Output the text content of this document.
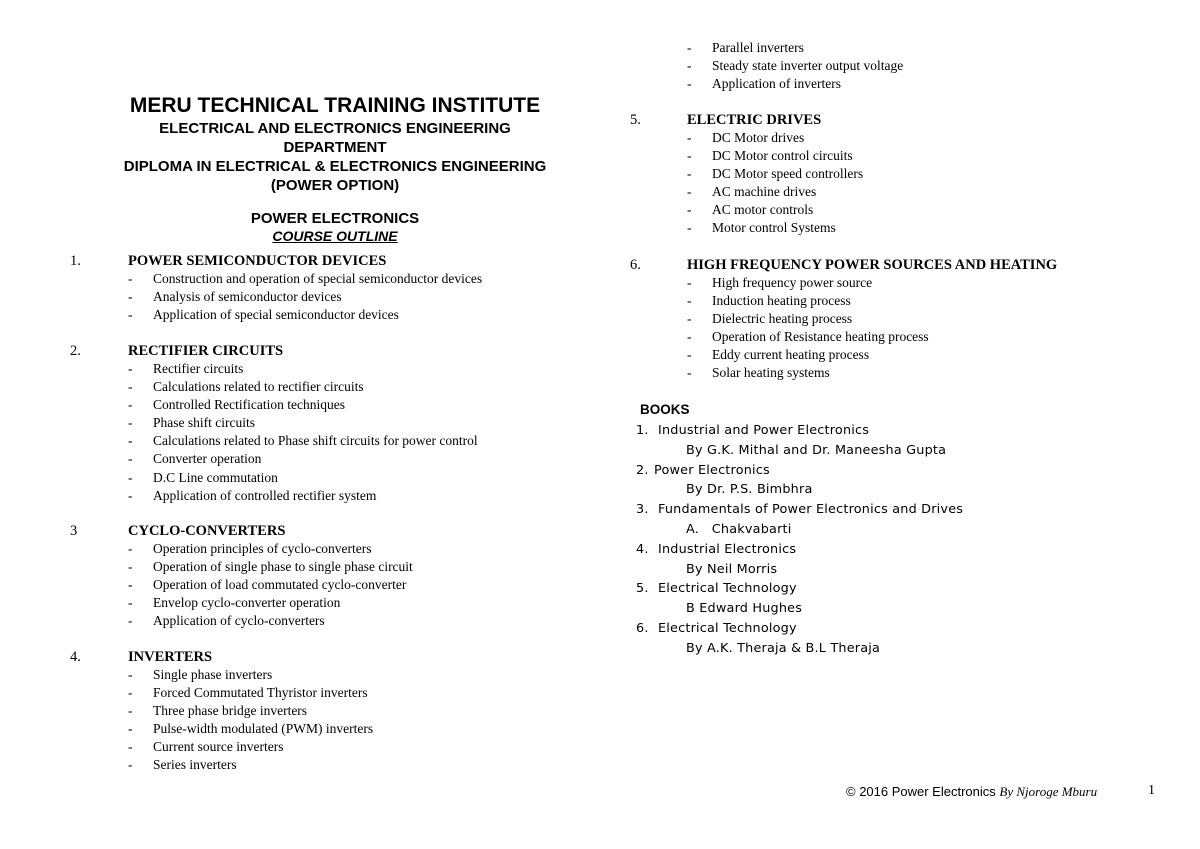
MERU TECHNICAL TRAINING INSTITUTE
ELECTRICAL AND ELECTRONICS ENGINEERING
DEPARTMENT
DIPLOMA IN ELECTRICAL & ELECTRONICS ENGINEERING
(POWER OPTION)
POWER ELECTRONICS
COURSE OUTLINE
1.	POWER SEMICONDUCTOR DEVICES
-	Construction and operation of special semiconductor devices
-	Analysis of semiconductor devices
-	Application of special semiconductor devices
2.	RECTIFIER CIRCUITS
-	Rectifier circuits
-	Calculations related to rectifier circuits
-	Controlled Rectification techniques
-	Phase shift circuits
-	Calculations related to Phase shift circuits for power control
-	Converter operation
-	D.C Line commutation
-	Application of controlled rectifier system
3	CYCLO-CONVERTERS
-	Operation principles of cyclo-converters
-	Operation of single phase to single phase circuit
-	Operation of load commutated cyclo-converter
-	Envelop cyclo-converter operation
-	Application of cyclo-converters
4.	INVERTERS
-	Single phase inverters
-	Forced Commutated Thyristor inverters
-	Three phase bridge inverters
-	Pulse-width modulated (PWM) inverters
-	Current source inverters
-	Series inverters
-	Parallel inverters
-	Steady state inverter output voltage
-	Application of inverters
5.	ELECTRIC DRIVES
-	DC Motor drives
-	DC Motor control circuits
-	DC Motor speed controllers
-	AC machine drives
-	AC motor controls
-	Motor control Systems
6.	HIGH FREQUENCY POWER SOURCES AND HEATING
-	High frequency power source
-	Induction heating process
-	Dielectric heating process
-	Operation of Resistance heating process
-	Eddy current heating process
-	Solar heating systems
BOOKS
1. Industrial and Power Electronics
By G.K. Mithal and Dr. Maneesha Gupta
2. Power Electronics
By Dr. P.S. Bimbhra
3. Fundamentals of Power Electronics and Drives
A.   Chakvabarti
4. Industrial Electronics
By Neil Morris
5. Electrical Technology
B Edward Hughes
6. Electrical Technology
By A.K. Theraja & B.L Theraja
© 2016 Power Electronics By Njoroge Mburu	1
